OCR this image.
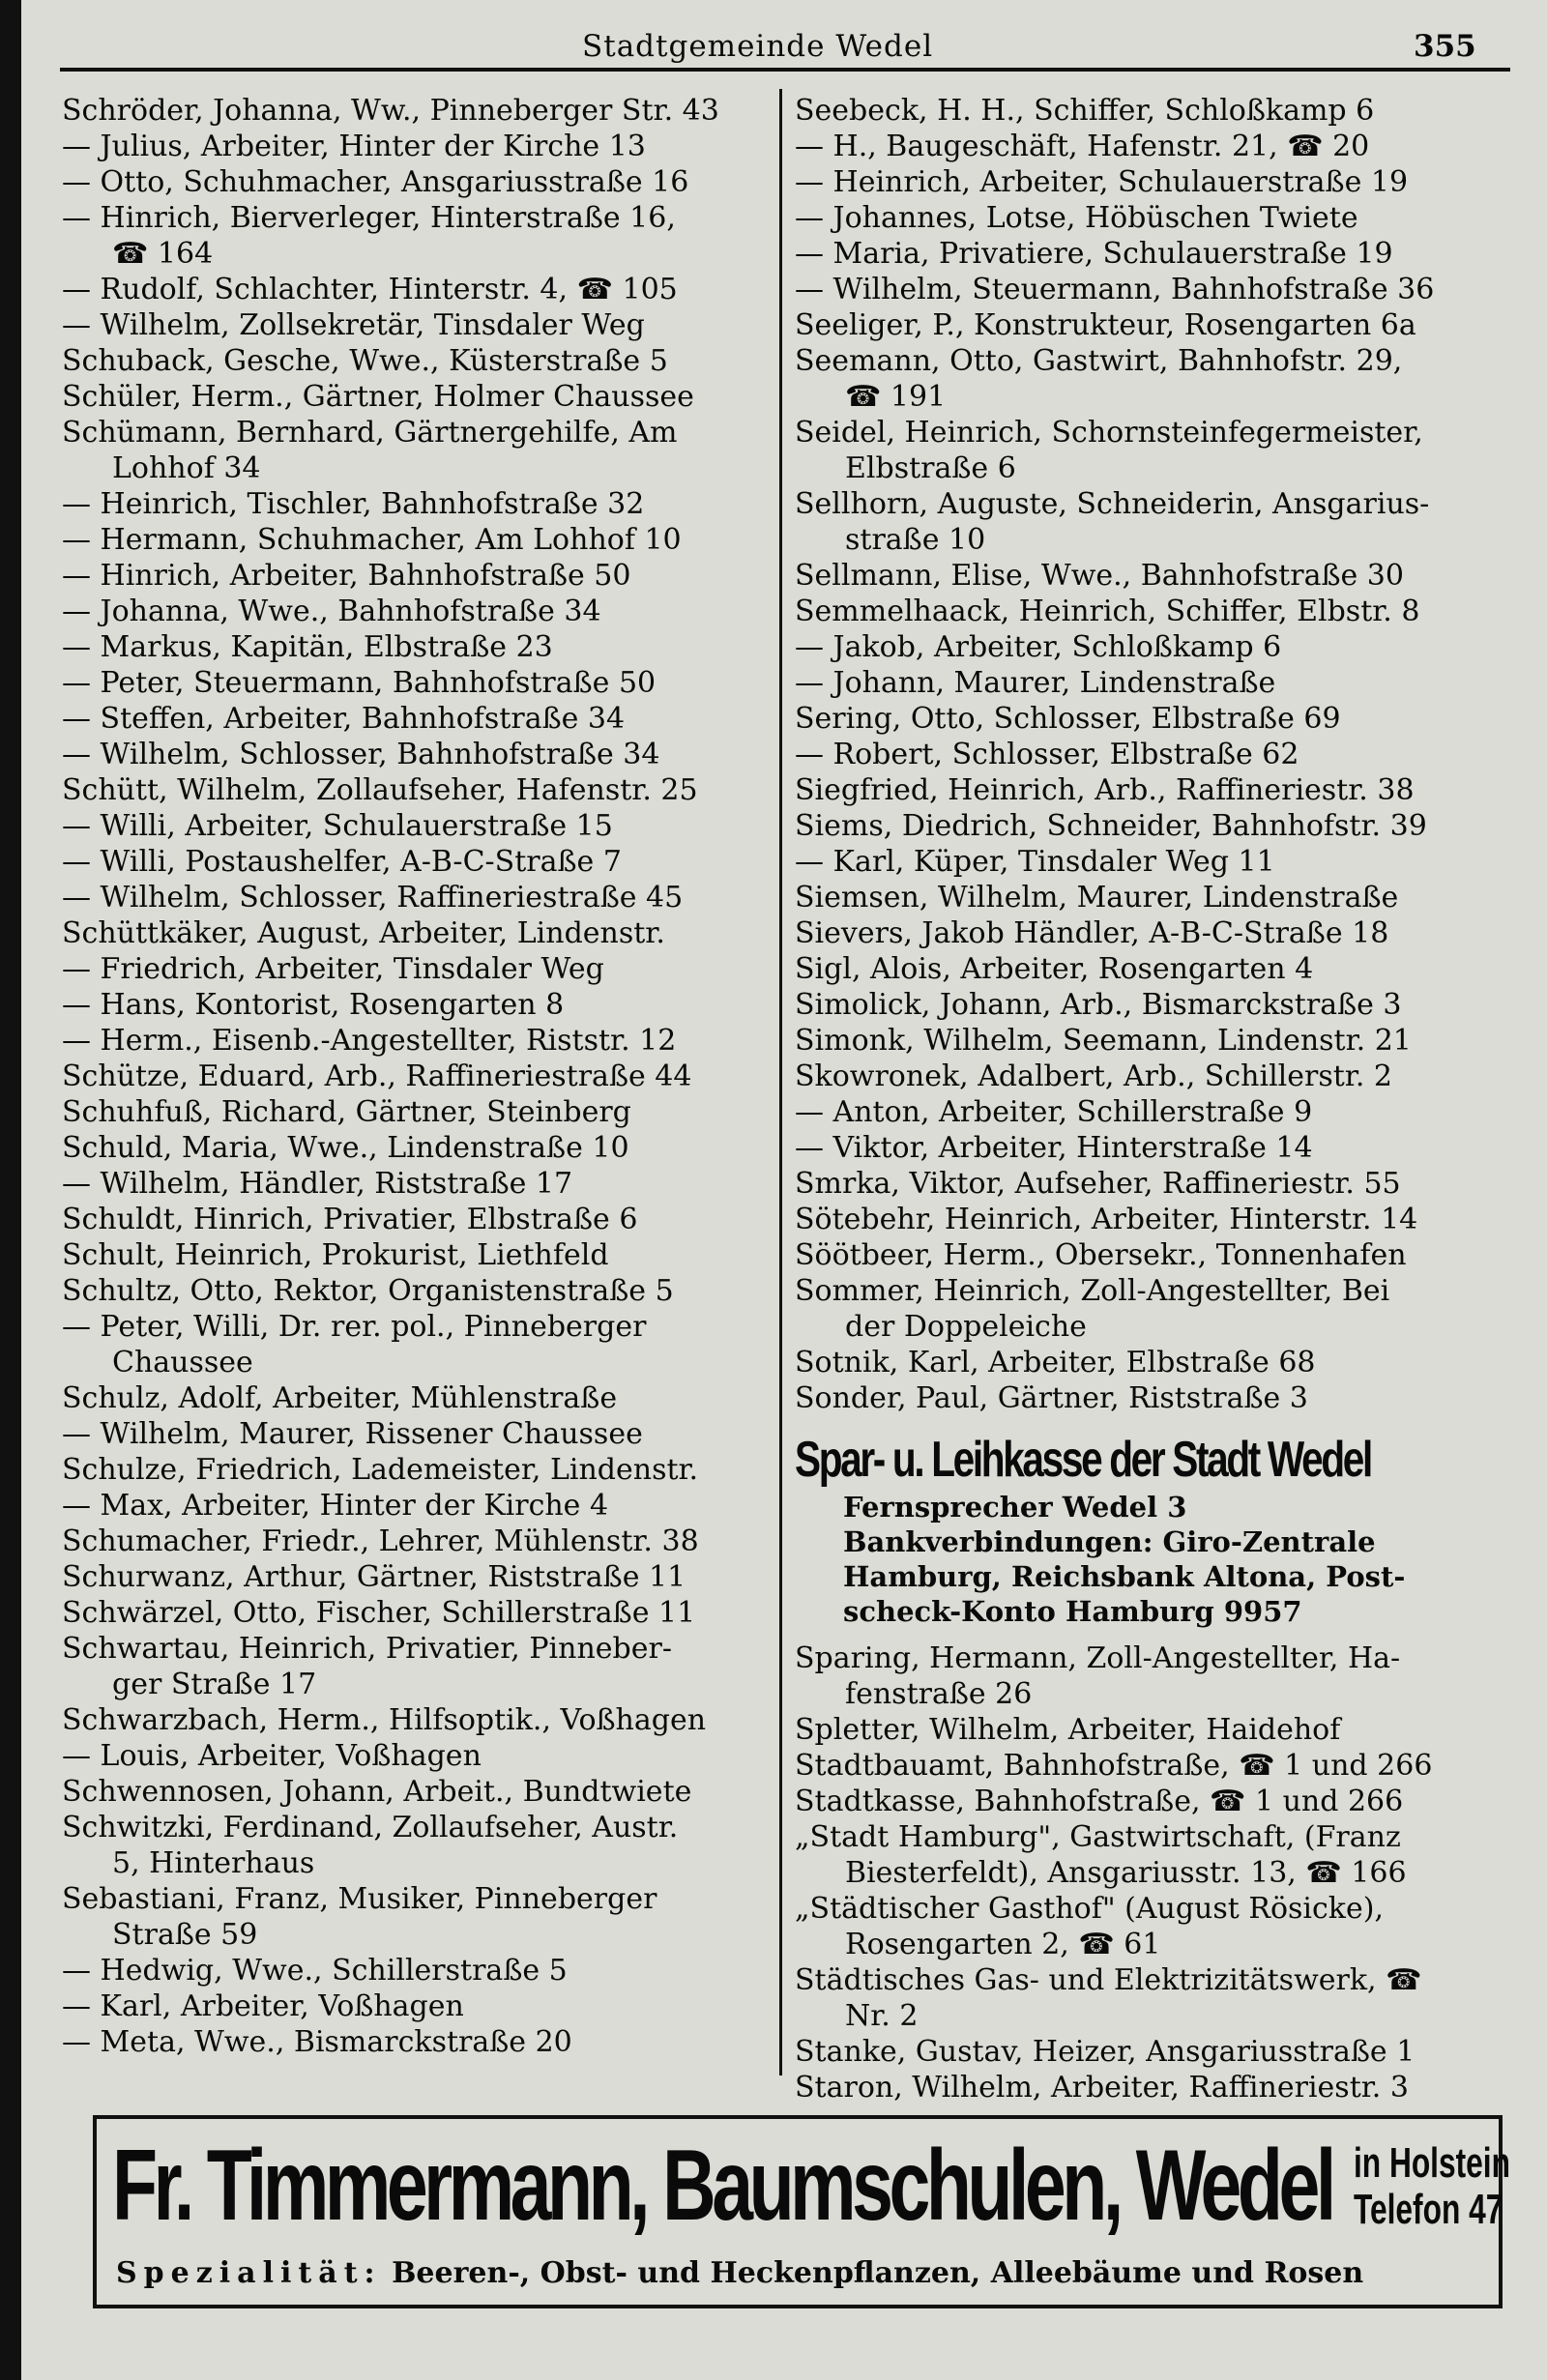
Stadtgemeinde Wedel	355
Schröder, Johanna, Ww., Pinneberger Str. 43
— Julius, Arbeiter, Hinter der Kirche 13
— Otto, Schuhmacher, Ansgariusstraße 16
— Hinrich, Bierverleger, Hinterstraße 16,
☎ 164
— Rudolf, Schlachter, Hinterstr. 4, ☎ 105
— Wilhelm, Zollsekretär, Tinsdaler Weg
Schuback, Gesche, Wwe., Küsterstraße 5
Schüler, Herm., Gärtner, Holmer Chaussee
Schümann, Bernhard, Gärtnergehilfe, Am
Lohhof 34
— Heinrich, Tischler, Bahnhofstraße 32
— Hermann, Schuhmacher, Am Lohhof 10
— Hinrich, Arbeiter, Bahnhofstraße 50
— Johanna, Wwe., Bahnhofstraße 34
— Markus, Kapitän, Elbstraße 23
— Peter, Steuermann, Bahnhofstraße 50
— Steffen, Arbeiter, Bahnhofstraße 34
— Wilhelm, Schlosser, Bahnhofstraße 34
Schütt, Wilhelm, Zollaufseher, Hafenstr. 25
— Willi, Arbeiter, Schulauerstraße 15
— Willi, Postaushelfer, A-B-C-Straße 7
— Wilhelm, Schlosser, Raffineriestraße 45
Schüttkäker, August, Arbeiter, Lindenstr.
— Friedrich, Arbeiter, Tinsdaler Weg
— Hans, Kontorist, Rosengarten 8
— Herm., Eisenb.-Angestellter, Riststr. 12
Schütze, Eduard, Arb., Raffineriestraße 44
Schuhfuß, Richard, Gärtner, Steinberg
Schuld, Maria, Wwe., Lindenstraße 10
— Wilhelm, Händler, Riststraße 17
Schuldt, Hinrich, Privatier, Elbstraße 6
Schult, Heinrich, Prokurist, Liethfeld
Schultz, Otto, Rektor, Organistenstraße 5
— Peter, Willi, Dr. rer. pol., Pinneberger
Chaussee
Schulz, Adolf, Arbeiter, Mühlenstraße
— Wilhelm, Maurer, Rissener Chaussee
Schulze, Friedrich, Lademeister, Lindenstr.
— Max, Arbeiter, Hinter der Kirche 4
Schumacher, Friedr., Lehrer, Mühlenstr. 38
Schurwanz, Arthur, Gärtner, Riststraße 11
Schwärzel, Otto, Fischer, Schillerstraße 11
Schwartau, Heinrich, Privatier, Pinneber-
ger Straße 17
Schwarzbach, Herm., Hilfsoptik., Voßhagen
— Louis, Arbeiter, Voßhagen
Schwennosen, Johann, Arbeit., Bundtwiete
Schwitzki, Ferdinand, Zollaufseher, Austr.
5, Hinterhaus
Sebastiani, Franz, Musiker, Pinneberger
Straße 59
— Hedwig, Wwe., Schillerstraße 5
— Karl, Arbeiter, Voßhagen
— Meta, Wwe., Bismarckstraße 20
Seebeck, H. H., Schiffer, Schloßkamp 6
— H., Baugeschäft, Hafenstr. 21, ☎ 20
— Heinrich, Arbeiter, Schulauerstraße 19
— Johannes, Lotse, Höbüschen Twiete
— Maria, Privatiere, Schulauerstraße 19
— Wilhelm, Steuermann, Bahnhofstraße 36
Seeliger, P., Konstrukteur, Rosengarten 6a
Seemann, Otto, Gastwirt, Bahnhofstr. 29,
☎ 191
Seidel, Heinrich, Schornsteinfegermeister,
Elbstraße 6
Sellhorn, Auguste, Schneiderin, Ansgarius-
straße 10
Sellmann, Elise, Wwe., Bahnhofstraße 30
Semmelhaack, Heinrich, Schiffer, Elbstr. 8
— Jakob, Arbeiter, Schloßkamp 6
— Johann, Maurer, Lindenstraße
Sering, Otto, Schlosser, Elbstraße 69
— Robert, Schlosser, Elbstraße 62
Siegfried, Heinrich, Arb., Raffineriestr. 38
Siems, Diedrich, Schneider, Bahnhofstr. 39
— Karl, Küper, Tinsdaler Weg 11
Siemsen, Wilhelm, Maurer, Lindenstraße
Sievers, Jakob Händler, A-B-C-Straße 18
Sigl, Alois, Arbeiter, Rosengarten 4
Simolick, Johann, Arb., Bismarckstraße 3
Simonk, Wilhelm, Seemann, Lindenstr. 21
Skowronek, Adalbert, Arb., Schillerstr. 2
— Anton, Arbeiter, Schillerstraße 9
— Viktor, Arbeiter, Hinterstraße 14
Smrka, Viktor, Aufseher, Raffineriestr. 55
Sötebehr, Heinrich, Arbeiter, Hinterstr. 14
Söötbeer, Herm., Obersekr., Tonnenhafen
Sommer, Heinrich, Zoll-Angestellter, Bei
der Doppeleiche
Sotnik, Karl, Arbeiter, Elbstraße 68
Sonder, Paul, Gärtner, Riststraße 3
Spar- u. Leihkasse der Stadt Wedel
Fernsprecher Wedel 3
Bankverbindungen: Giro-Zentrale
Hamburg, Reichsbank Altona, Post-
scheck-Konto Hamburg 9957
Sparing, Hermann, Zoll-Angestellter, Ha-
fenstraße 26
Spletter, Wilhelm, Arbeiter, Haidehof
Stadtbauamt, Bahnhofstraße, ☎ 1 und 266
Stadtkasse, Bahnhofstraße, ☎ 1 und 266
„Stadt Hamburg", Gastwirtschaft, (Franz
Biesterfeldt), Ansgariusstr. 13, ☎ 166
„Städtischer Gasthof" (August Rösicke),
Rosengarten 2, ☎ 61
Städtisches Gas- und Elektrizitätswerk, ☎
Nr. 2
Stanke, Gustav, Heizer, Ansgariusstraße 1
Staron, Wilhelm, Arbeiter, Raffineriestr. 3
Fr. Timmermann, Baumschulen, Wedel in Holstein
Telefon 47
Spezialität: Beeren-, Obst- und Heckenpflanzen, Alleebäume und Rosen
